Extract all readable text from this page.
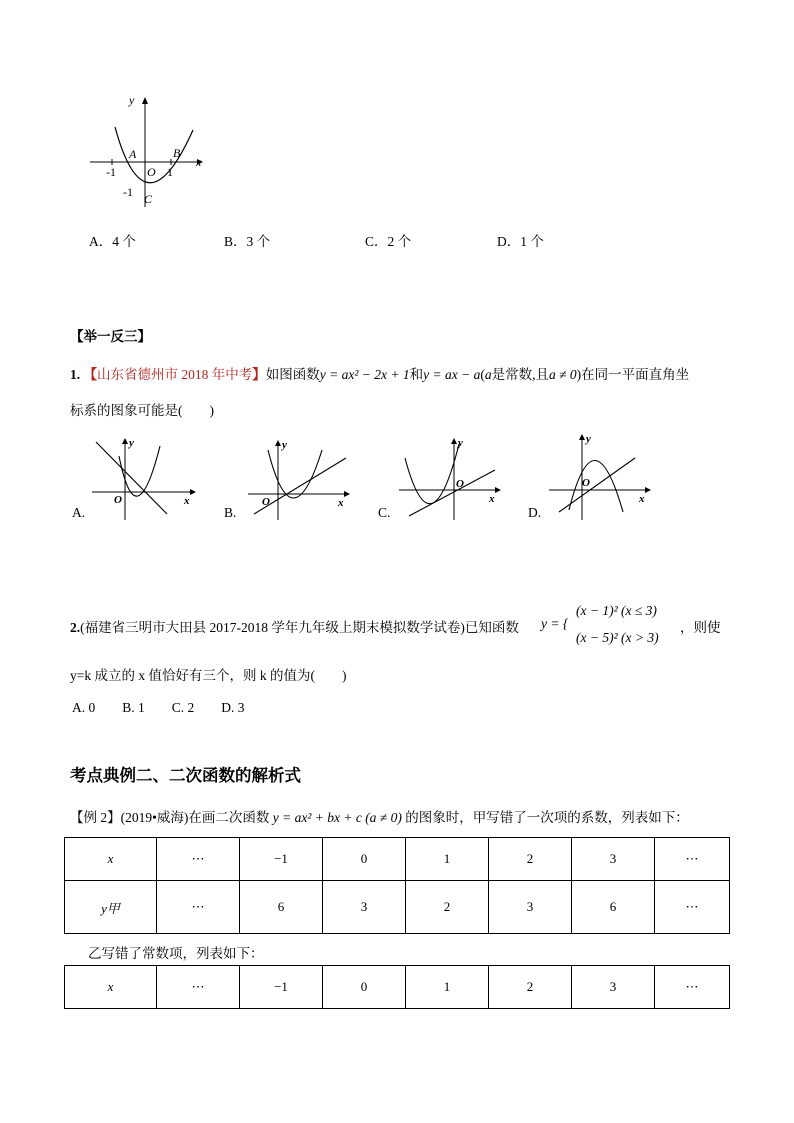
y
x
A	B
O
-1	1
-1 C
A．4 个	B．3 个	C．2 个	D．1 个
【举一反三】
1. 【山东省德州市 2018 年中考】如图函数y = ax² − 2x + 1和y = ax − a(a是常数,且a ≠ 0)在同一平面直角坐
标系的图象可能是(　　)
y
x
O
y
x
O
y
x
O
y
x
O
A.	B.	C.	D.
2.(福建省三明市大田县 2017-2018 学年九年级上期末模拟数学试卷)已知函数 y = {
(x − 1)² (x ≤ 3)
(x − 5)² (x > 3)
，则使
y=k 成立的 x 值恰好有三个，则 k 的值为(　　)
A. 0　　B. 1　　C. 2　　D. 3
考点典例二、二次函数的解析式
【例 2】(2019•威海)在画二次函数 y = ax² + bx + c (a ≠ 0) 的图象时，甲写错了一次项的系数，列表如下：
x	⋯	−1	0	1	2	3	⋯
y甲	⋯	6	3	2	3	6	⋯
乙写错了常数项，列表如下：
x	⋯	−1	0	1	2	3	⋯
